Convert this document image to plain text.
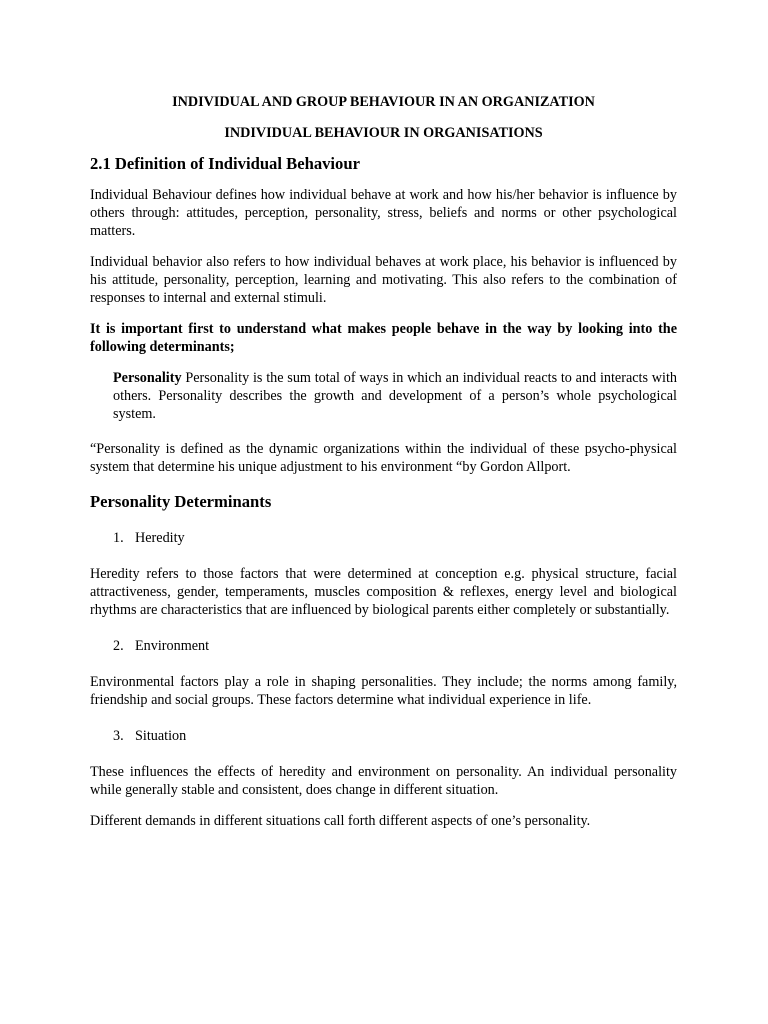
INDIVIDUAL AND GROUP BEHAVIOUR IN AN ORGANIZATION
INDIVIDUAL BEHAVIOUR IN ORGANISATIONS
2.1 Definition of Individual Behaviour

Individual Behaviour defines how individual behave at work and how his/her behavior is influence by others through: attitudes, perception, personality, stress, beliefs and norms or other psychological matters.

Individual behavior also refers to how individual behaves at work place, his behavior is influenced by his attitude, personality, perception, learning and motivating. This also refers to the combination of responses to internal and external stimuli.

It is important first to understand what makes people behave in the way by looking into the following determinants;

Personality Personality is the sum total of ways in which an individual reacts to and interacts with others. Personality describes the growth and development of a person’s whole psychological system.

“Personality is defined as the dynamic organizations within the individual of these psycho-physical system that determine his unique adjustment to his environment “by Gordon Allport.

Personality Determinants
1. Heredity

Heredity refers to those factors that were determined at conception e.g. physical structure, facial attractiveness, gender, temperaments, muscles composition & reflexes, energy level and biological rhythms are characteristics that are influenced by biological parents either completely or substantially.

2. Environment

Environmental factors play a role in shaping personalities. They include; the norms among family, friendship and social groups. These factors determine what individual experience in life.

3. Situation

These influences the effects of heredity and environment on personality. An individual personality while generally stable and consistent, does change in different situation.

Different demands in different situations call forth different aspects of one’s personality.
